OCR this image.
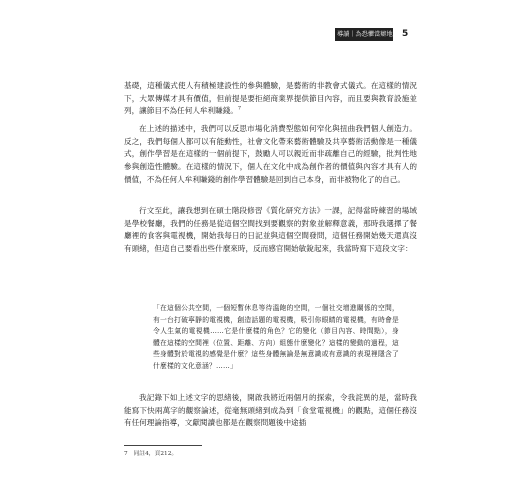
導讀｜為恐懼當辯地 5

基礎，這種儀式使人有積極建設性的參與體驗，是藝術的非教會式儀式。在這樣的情況下，大眾傳媒才具有價值，但前提是要拒絕商業界提供節目內容，而且要與教育設施並列，讓節目不為任何人牟利賺錢。$^7$

在上述的描述中，我們可以反思市場化消費型態如何窄化與扭曲我們個人創造力。反之，我們每個人都可以有能動性，社會文化帶來藝術體驗及共享藝術活動像是一種儀式，創作學習是在這樣的一個前提下，鼓勵人可以親近而非疏離自己的經驗，批判性地參與創造性體驗。在這樣的情況下，個人在文化中成為創作者的價值與內容才具有人的價值，不為任何人牟利賺錢的創作學習體驗是回到自己本身，而非被物化了的自己。

行文至此，讓我想到在碩士階段修習《質化研究方法》一課，記得當時練習的場域是學校餐廳，我們的任務是從這個空間找到要觀察的對象並解釋意義，那時我選擇了餐廳裡的食客與電視機，開始我每日的日記並與這個空間發問，這個任務開始幾天還真沒有頭緒，但這自己要看出些什麼來時，反而感官開始敏銳起來，我當時寫下這段文字：

「在這個公共空間，一個短暫休息等待溫飽的空間，一個社交增進關係的空間，有一台打破寧靜的電視機，創造話題的電視機，吸引你眼睛的電視機，有時會是令人生氣的電視機……它是什麼樣的角色？它的變化（節目內容、時間點），身體在這樣的空間裡（位置、距離、方向）組態什麼變化？這樣的變動的過程，這些身體對於電視的感覺是什麼？這些身體無論是無意識或有意識的表現裡隱含了什麼樣的文化意涵？……」

我記錄下如上述文字的思緒後，開啟我將近兩個月的探索，令我詫異的是，當時我能寫下快兩萬字的觀察論述，從毫無頭緒到成為到「食堂電視機」的觀點，這個任務沒有任何理論指導，文獻閱讀也都是在觀察問題後中途插

7　同註4，頁212。
